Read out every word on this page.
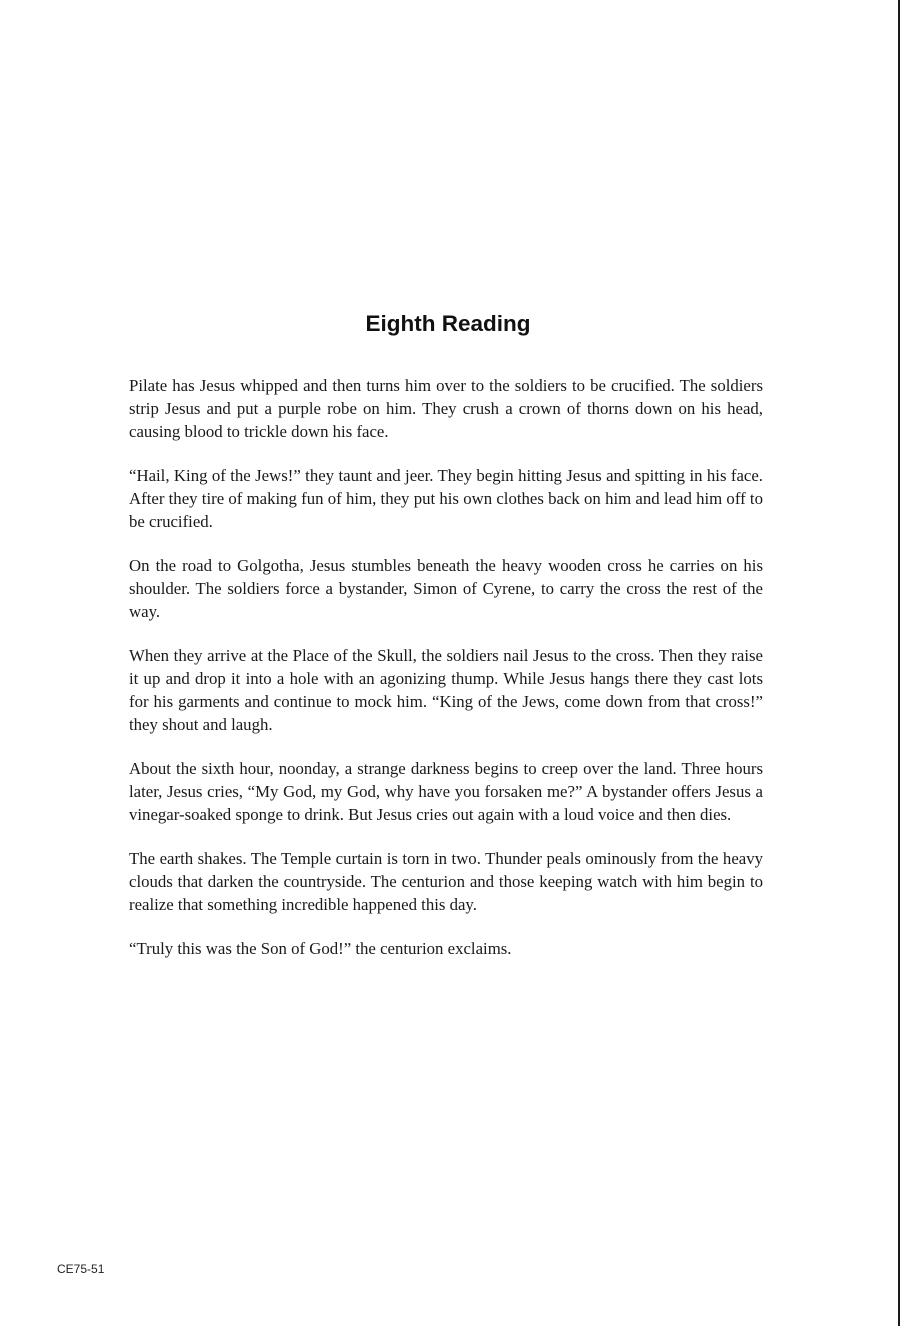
Eighth Reading

Pilate has Jesus whipped and then turns him over to the soldiers to be crucified. The soldiers strip Jesus and put a purple robe on him. They crush a crown of thorns down on his head, causing blood to trickle down his face.

“Hail, King of the Jews!” they taunt and jeer. They begin hitting Jesus and spitting in his face. After they tire of making fun of him, they put his own clothes back on him and lead him off to be crucified.

On the road to Golgotha, Jesus stumbles beneath the heavy wooden cross he carries on his shoulder. The soldiers force a bystander, Simon of Cyrene, to carry the cross the rest of the way.

When they arrive at the Place of the Skull, the soldiers nail Jesus to the cross. Then they raise it up and drop it into a hole with an agonizing thump. While Jesus hangs there they cast lots for his garments and continue to mock him. “King of the Jews, come down from that cross!” they shout and laugh.

About the sixth hour, noonday, a strange darkness begins to creep over the land. Three hours later, Jesus cries, “My God, my God, why have you forsaken me?” A bystander offers Jesus a vinegar-soaked sponge to drink. But Jesus cries out again with a loud voice and then dies.

The earth shakes. The Temple curtain is torn in two. Thunder peals ominously from the heavy clouds that darken the countryside. The centurion and those keeping watch with him begin to realize that something incredible happened this day.

“Truly this was the Son of God!” the centurion exclaims.

CE75-51
